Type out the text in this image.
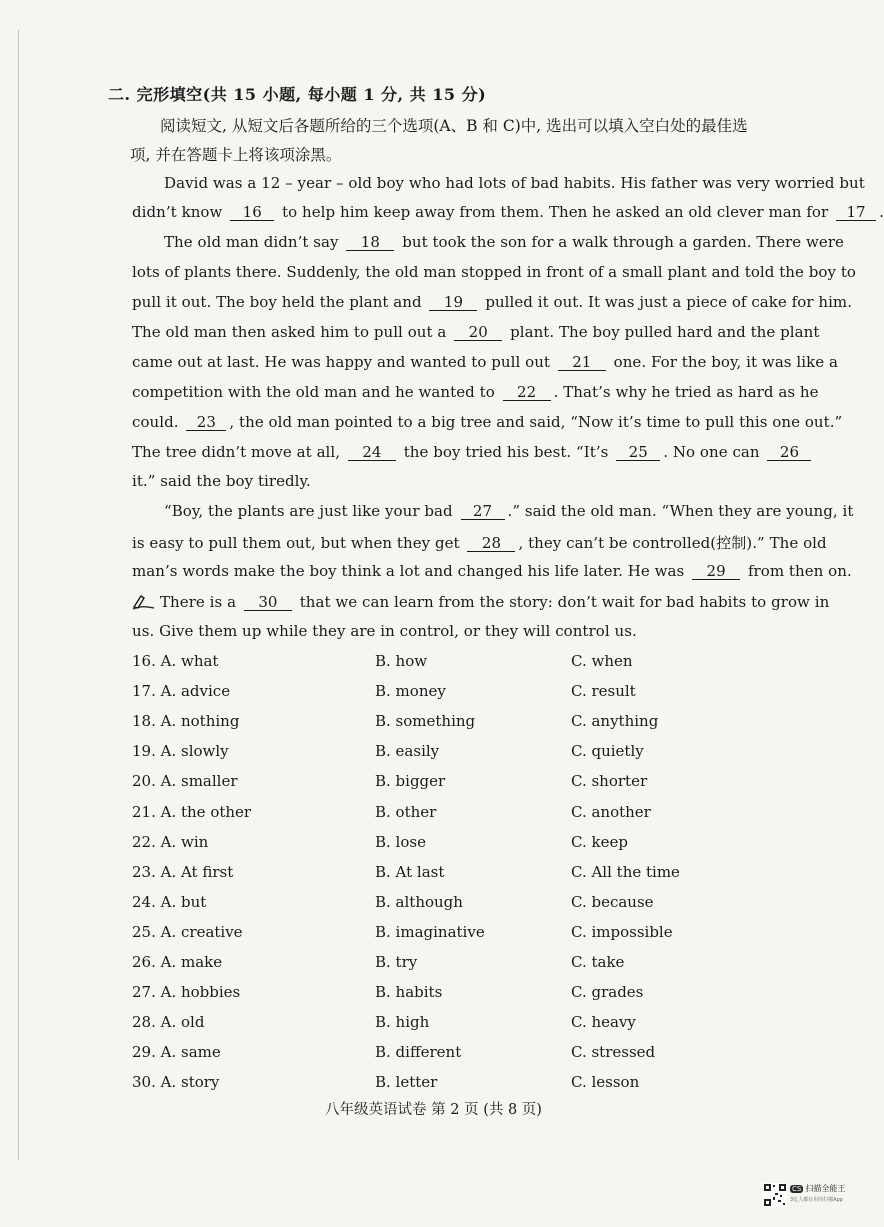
二. 完形填空(共 15 小题, 每小题 1 分, 共 15 分)
阅读短文, 从短文后各题所给的三个选项(A、B 和 C)中, 选出可以填入空白处的最佳选项, 并在答题卡上将该项涂黑。
David was a 12 – year – old boy who had lots of bad habits. His father was very worried but
didn’t know 16 to help him keep away from them. Then he asked an old clever man for 17 .
The old man didn’t say 18 but took the son for a walk through a garden. There were
lots of plants there. Suddenly, the old man stopped in front of a small plant and told the boy to
pull it out. The boy held the plant and 19 pulled it out. It was just a piece of cake for him.
The old man then asked him to pull out a 20 plant. The boy pulled hard and the plant
came out at last. He was happy and wanted to pull out 21 one. For the boy, it was like a
competition with the old man and he wanted to 22 . That’s why he tried as hard as he
could. 23 , the old man pointed to a big tree and said, “Now it’s time to pull this one out.”
The tree didn’t move at all, 24 the boy tried his best. “It’s 25 . No one can 26
it.” said the boy tiredly.
“Boy, the plants are just like your bad 27 .” said the old man. “When they are young, it
is easy to pull them out, but when they get 28 , they can’t be controlled(控制).” The old
man’s words make the boy think a lot and changed his life later. He was 29 from then on.
There is a 30 that we can learn from the story: don’t wait for bad habits to grow in
us. Give them up while they are in control, or they will control us.
16. A. what	B. how	C. when
17. A. advice	B. money	C. result
18. A. nothing	B. something	C. anything
19. A. slowly	B. easily	C. quietly
20. A. smaller	B. bigger	C. shorter
21. A. the other	B. other	C. another
22. A. win	B. lose	C. keep
23. A. At first	B. At last	C. All the time
24. A. but	B. although	C. because
25. A. creative	B. imaginative	C. impossible
26. A. make	B. try	C. take
27. A. hobbies	B. habits	C. grades
28. A. old	B. high	C. heavy
29. A. same	B. different	C. stressed
30. A. story	B. letter	C. lesson
八年级英语试卷 第 2 页 (共 8 页)
CS 扫描全能王
3亿人都在用的扫描App
